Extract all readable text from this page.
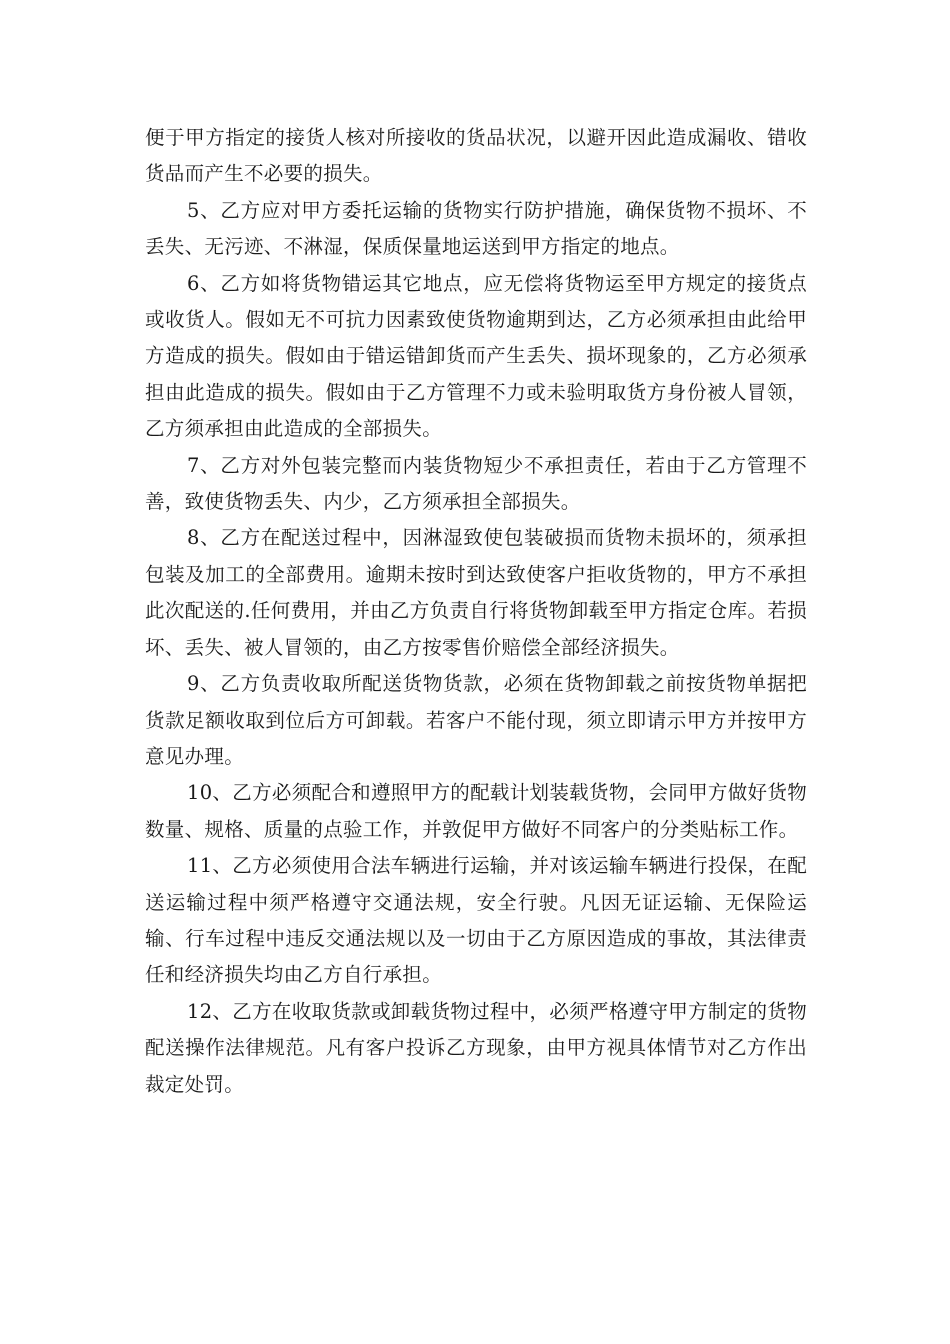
便于甲方指定的接货人核对所接收的货品状况，以避开因此造成漏收、错收货品而产生不必要的损失。

5、乙方应对甲方委托运输的货物实行防护措施，确保货物不损坏、不丢失、无污迹、不淋湿，保质保量地运送到甲方指定的地点。

6、乙方如将货物错运其它地点，应无偿将货物运至甲方规定的接货点或收货人。假如无不可抗力因素致使货物逾期到达，乙方必须承担由此给甲方造成的损失。假如由于错运错卸货而产生丢失、损坏现象的，乙方必须承担由此造成的损失。假如由于乙方管理不力或未验明取货方身份被人冒领，乙方须承担由此造成的全部损失。

7、乙方对外包装完整而内装货物短少不承担责任，若由于乙方管理不善，致使货物丢失、内少，乙方须承担全部损失。

8、乙方在配送过程中，因淋湿致使包装破损而货物未损坏的，须承担包装及加工的全部费用。逾期未按时到达致使客户拒收货物的，甲方不承担此次配送的.任何费用，并由乙方负责自行将货物卸载至甲方指定仓库。若损坏、丢失、被人冒领的，由乙方按零售价赔偿全部经济损失。

9、乙方负责收取所配送货物货款，必须在货物卸载之前按货物单据把货款足额收取到位后方可卸载。若客户不能付现，须立即请示甲方并按甲方意见办理。

10、乙方必须配合和遵照甲方的配载计划装载货物，会同甲方做好货物数量、规格、质量的点验工作，并敦促甲方做好不同客户的分类贴标工作。

11、乙方必须使用合法车辆进行运输，并对该运输车辆进行投保，在配送运输过程中须严格遵守交通法规，安全行驶。凡因无证运输、无保险运输、行车过程中违反交通法规以及一切由于乙方原因造成的事故，其法律责任和经济损失均由乙方自行承担。

12、乙方在收取货款或卸载货物过程中，必须严格遵守甲方制定的货物配送操作法律规范。凡有客户投诉乙方现象，由甲方视具体情节对乙方作出裁定处罚。
